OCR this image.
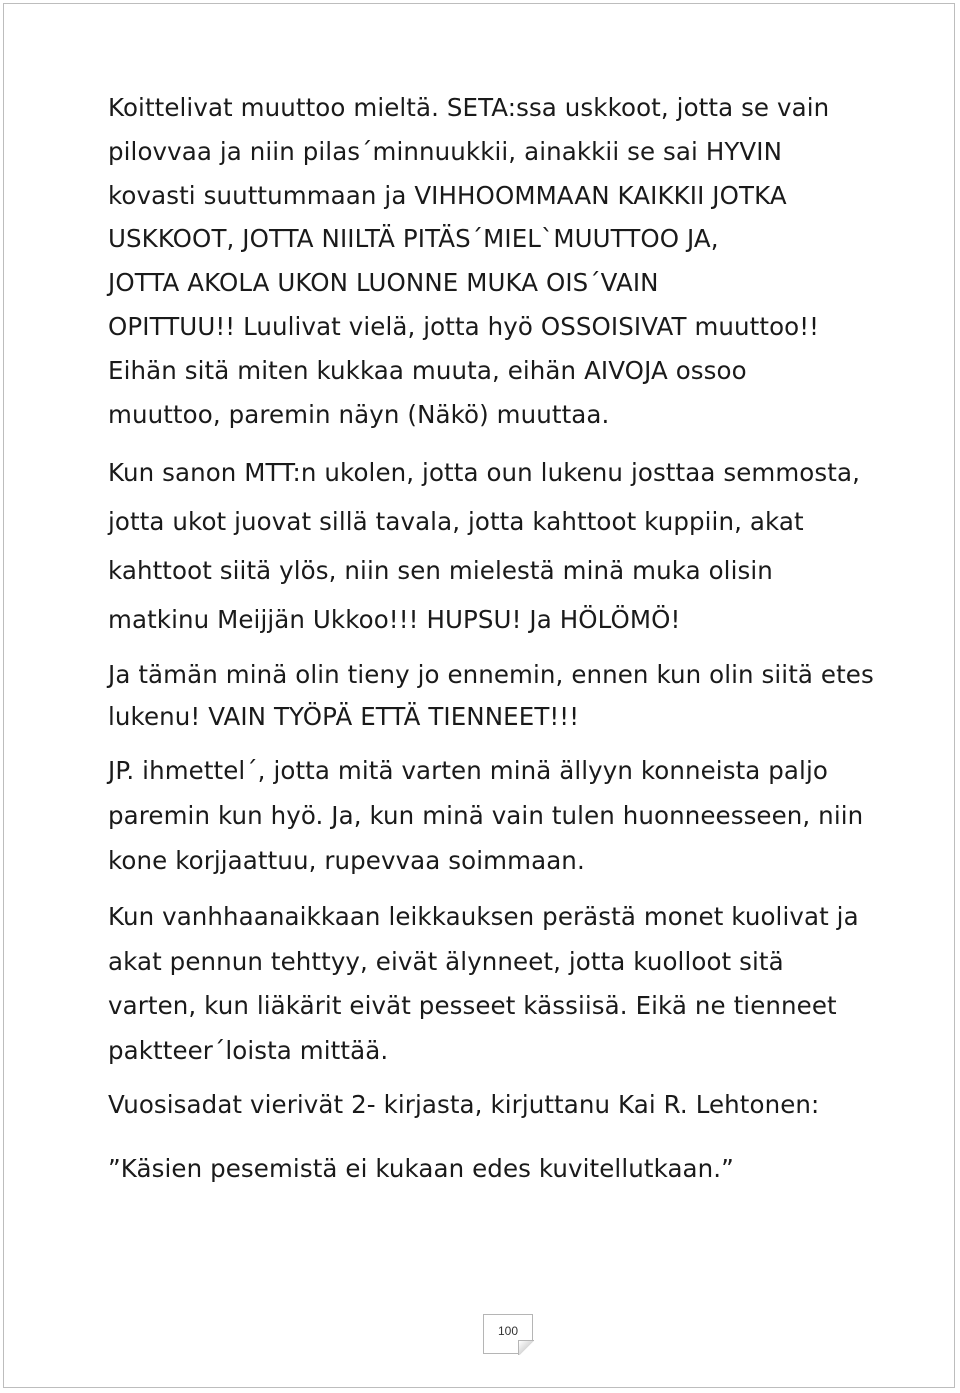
Koittelivat muuttoo mieltä. SETA:ssa uskkoot, jotta se vain
pilovvaa ja niin pilas´minnuukkii, ainakkii se sai HYVIN
kovasti suuttummaan ja VIHHOOMMAAN KAIKKII JOTKA
USKKOOT, JOTTA NIILTÄ PITÄS´MIEL`MUUTTOO JA,
JOTTA AKOLA UKON LUONNE MUKA OIS´VAIN
OPITTUU!! Luulivat vielä, jotta hyö OSSOISIVAT muuttoo!!
Eihän sitä miten kukkaa muuta, eihän AIVOJA ossoo
muuttoo, paremin näyn (Näkö) muuttaa.

Kun sanon MTT:n ukolen, jotta oun lukenu josttaa semmosta,
jotta ukot juovat sillä tavala, jotta kahttoot kuppiin, akat
kahttoot siitä ylös, niin sen mielestä minä muka olisin
matkinu Meijjän Ukkoo!!! HUPSU! Ja HÖLÖMÖ!

Ja tämän minä olin tieny jo ennemin, ennen kun olin siitä etes
lukenu! VAIN TYÖPÄ ETTÄ TIENNEET!!!

JP. ihmettel´, jotta mitä varten minä ällyyn konneista paljo
paremin kun hyö. Ja, kun minä vain tulen huonneesseen, niin
kone korjjaattuu, rupevvaa soimmaan.

Kun vanhhaanaikkaan leikkauksen perästä monet kuolivat ja
akat pennun tehttyy, eivät älynneet, jotta kuolloot sitä
varten, kun liäkärit eivät pesseet kässiisä. Eikä ne tienneet
paktteer´loista mittää.

Vuosisadat vierivät 2- kirjasta, kirjuttanu Kai R. Lehtonen:

”Käsien pesemistä ei kukaan edes kuvitellutkaan.”

100
